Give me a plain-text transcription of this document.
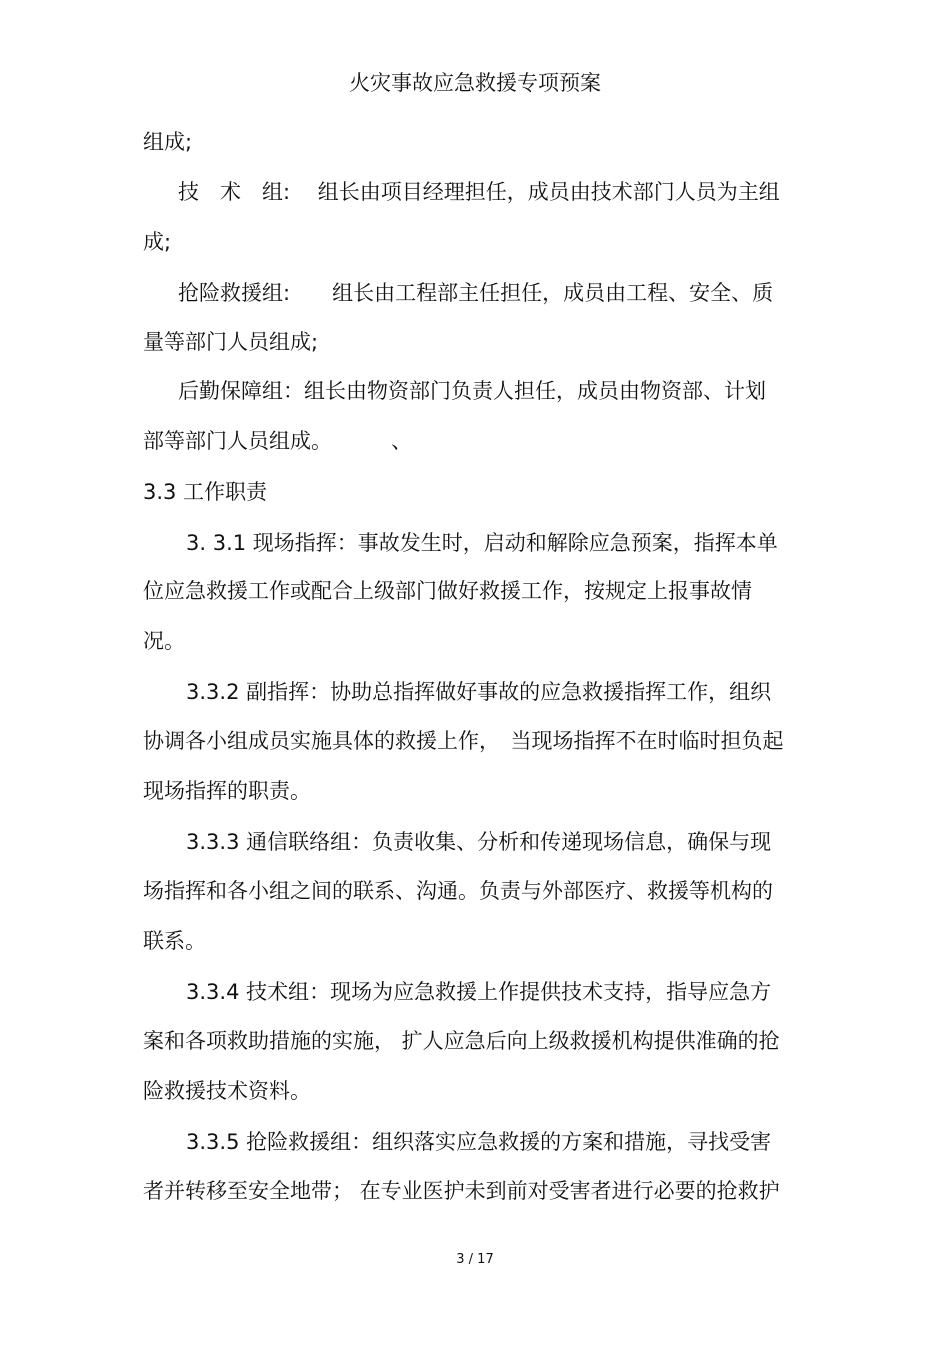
火灾事故应急救援专项预案
组成;
技　术　组:　 组长由项目经理担任，成员由技术部门人员为主组
成;
抢险救援组:　　组长由工程部主任担任，成员由工程、安全、质
量等部门人员组成;
后勤保障组：组长由物资部门负责人担任，成员由物资部、计划
部等部门人员组成。　　　 、
3.3 工作职责
3. 3.1 现场指挥：事故发生时，启动和解除应急预案，指挥本单
位应急救援工作或配合上级部门做好救援工作，按规定上报事故情
况。
3.3.2 副指挥：协助总指挥做好事故的应急救援指挥工作，组织
协调各小组成员实施具体的救援上作，　当现场指挥不在时临时担负起
现场指挥的职责。
3.3.3 通信联络组：负责收集、分析和传递现场信息，确保与现
场指挥和各小组之间的联系、沟通。负责与外部医疗、救援等机构的
联系。
3.3.4 技术组：现场为应急救援上作提供技术支持，指导应急方
案和各项救助措施的实施， 扩人应急后向上级救援机构提供准确的抢
险救援技术资料。
3.3.5 抢险救援组：组织落实应急救援的方案和措施，寻找受害
者并转移至安全地带； 在专业医护未到前对受害者进行必要的抢救护
3 / 17
